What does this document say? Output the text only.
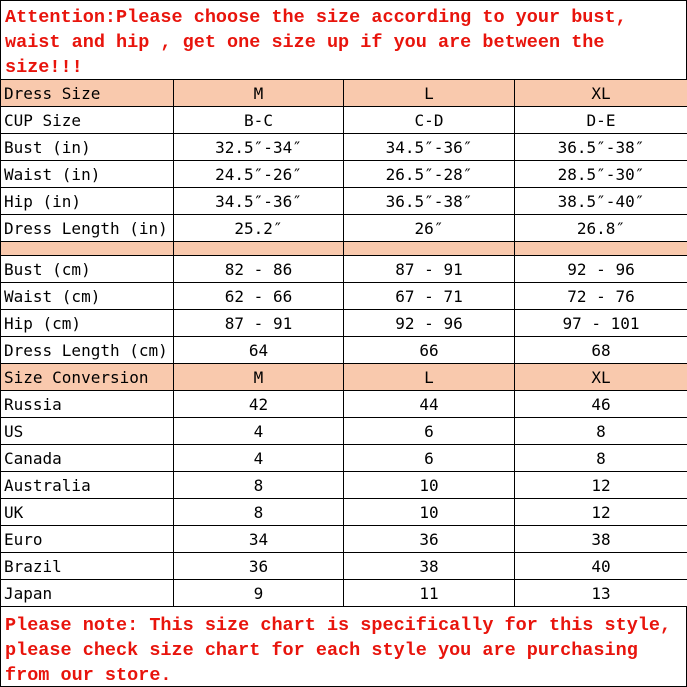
Attention:Please choose the size according to your bust, waist and hip , get one size up if you are between the size!!!
Dress Size	M	L	XL
CUP Size	B-C	C-D	D-E
Bust (in)	32.5″-34″	34.5″-36″	36.5″-38″
Waist (in)	24.5″-26″	26.5″-28″	28.5″-30″
Hip (in)	34.5″-36″	36.5″-38″	38.5″-40″
Dress Length (in)	25.2″	26″	26.8″

Bust (cm)	82 - 86	87 - 91	92 - 96
Waist (cm)	62 - 66	67 - 71	72 - 76
Hip (cm)	87 - 91	92 - 96	97 - 101
Dress Length (cm)	64	66	68
Size Conversion	M	L	XL
Russia	42	44	46
US	4	6	8
Canada	4	6	8
Australia	8	10	12
UK	8	10	12
Euro	34	36	38
Brazil	36	38	40
Japan	9	11	13
Please note: This size chart is specifically for this style, please check size chart for each style you are purchasing from our store.
